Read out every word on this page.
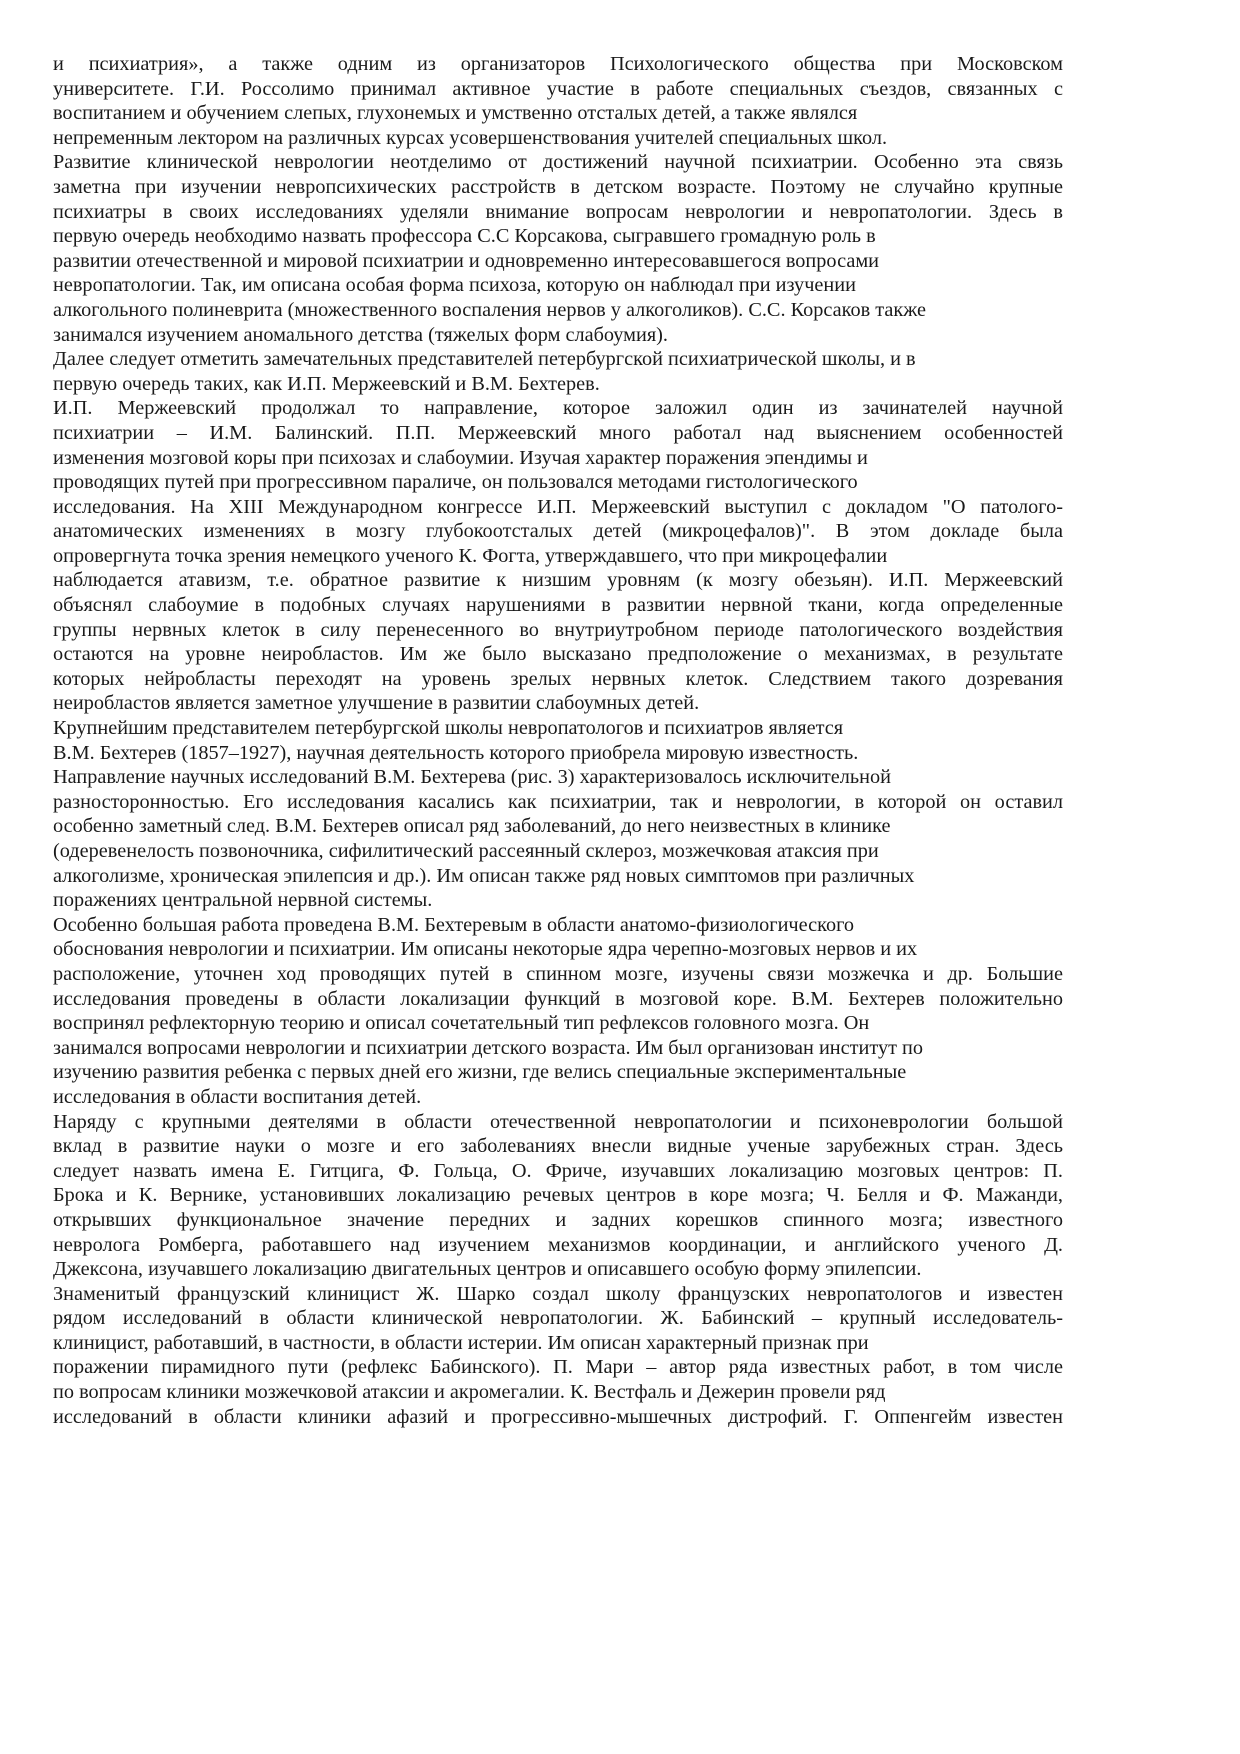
и психиатрия», а также одним из организаторов Психологического общества при Московском
университете. Г.И. Россолимо принимал активное участие в работе специальных съездов, связанных с
воспитанием и обучением слепых, глухонемых и умственно отсталых детей, а также являлся
непременным лектором на различных курсах усовершенствования учителей специальных школ.
Развитие клинической неврологии неотделимо от достижений научной психиатрии. Особенно эта связь
заметна при изучении невропсихических расстройств в детском возрасте. Поэтому не случайно крупные
психиатры в своих исследованиях уделяли внимание вопросам неврологии и невропатологии. Здесь в
первую очередь необходимо назвать профессора С.С Корсакова, сыгравшего громадную роль в
развитии отечественной и мировой психиатрии и одновременно интересовавшегося вопросами
невропатологии. Так, им описана особая форма психоза, которую он наблюдал при изучении
алкогольного полиневрита (множественного воспаления нервов у алкоголиков). С.С. Корсаков также
занимался изучением аномального детства (тяжелых форм слабоумия).
Далее следует отметить замечательных представителей петербургской психиатрической школы, и в
первую очередь таких, как И.П. Мержеевский и В.М. Бехтерев.
И.П. Мержеевский продолжал то направление, которое заложил один из зачинателей научной
психиатрии – И.М. Балинский. П.П. Мержеевский много работал над выяснением особенностей
изменения мозговой коры при психозах и слабоумии. Изучая характер поражения эпендимы и
проводящих путей при прогрессивном параличе, он пользовался методами гистологического
исследования. На XIII Международном конгрессе И.П. Мержеевский выступил с докладом "О патолого-
анатомических изменениях в мозгу глубокоотсталых детей (микроцефалов)". В этом докладе была
опровергнута точка зрения немецкого ученого К. Фогта, утверждавшего, что при микроцефалии
наблюдается атавизм, т.е. обратное развитие к низшим уровням (к мозгу обезьян). И.П. Мержеевский
объяснял слабоумие в подобных случаях нарушениями в развитии нервной ткани, когда определенные
группы нервных клеток в силу перенесенного во внутриутробном периоде патологического воздействия
остаются на уровне неиробластов. Им же было высказано предположение о механизмах, в результате
которых нейробласты переходят на уровень зрелых нервных клеток. Следствием такого дозревания
неиробластов является заметное улучшение в развитии слабоумных детей.
Крупнейшим представителем петербургской школы невропатологов и психиатров является
В.М. Бехтерев (1857–1927), научная деятельность которого приобрела мировую известность.
Направление научных исследований В.М. Бехтерева (рис. 3) характеризовалось исключительной
разносторонностью. Его исследования касались как психиатрии, так и неврологии, в которой он оставил
особенно заметный след. В.М. Бехтерев описал ряд заболеваний, до него неизвестных в клинике
(одеревенелость позвоночника, сифилитический рассеянный склероз, мозжечковая атаксия при
алкоголизме, хроническая эпилепсия и др.). Им описан также ряд новых симптомов при различных
поражениях центральной нервной системы.
Особенно большая работа проведена В.М. Бехтеревым в области анатомо-физиологического
обоснования неврологии и психиатрии. Им описаны некоторые ядра черепно-мозговых нервов и их
расположение, уточнен ход проводящих путей в спинном мозге, изучены связи мозжечка и др. Большие
исследования проведены в области локализации функций в мозговой коре. В.М. Бехтерев положительно
воспринял рефлекторную теорию и описал сочетательный тип рефлексов головного мозга. Он
занимался вопросами неврологии и психиатрии детского возраста. Им был организован институт по
изучению развития ребенка с первых дней его жизни, где велись специальные экспериментальные
исследования в области воспитания детей.
Наряду с крупными деятелями в области отечественной невропатологии и психоневрологии большой
вклад в развитие науки о мозге и его заболеваниях внесли видные ученые зарубежных стран. Здесь
следует назвать имена Е. Гитцига, Ф. Гольца, О. Фриче, изучавших локализацию мозговых центров: П.
Брока и К. Вернике, установивших локализацию речевых центров в коре мозга; Ч. Белля и Ф. Мажанди,
открывших функциональное значение передних и задних корешков спинного мозга; известного
невролога Ромберга, работавшего над изучением механизмов координации, и английского ученого Д.
Джексона, изучавшего локализацию двигательных центров и описавшего особую форму эпилепсии.
Знаменитый французский клиницист Ж. Шарко создал школу французских невропатологов и известен
рядом исследований в области клинической невропатологии. Ж. Бабинский – крупный исследователь-
клиницист, работавший, в частности, в области истерии. Им описан характерный признак при
поражении пирамидного пути (рефлекс Бабинского). П. Мари – автор ряда известных работ, в том числе
по вопросам клиники мозжечковой атаксии и акромегалии. К. Вестфаль и Дежерин провели ряд
исследований в области клиники афазий и прогрессивно-мышечных дистрофий. Г. Оппенгейм известен
